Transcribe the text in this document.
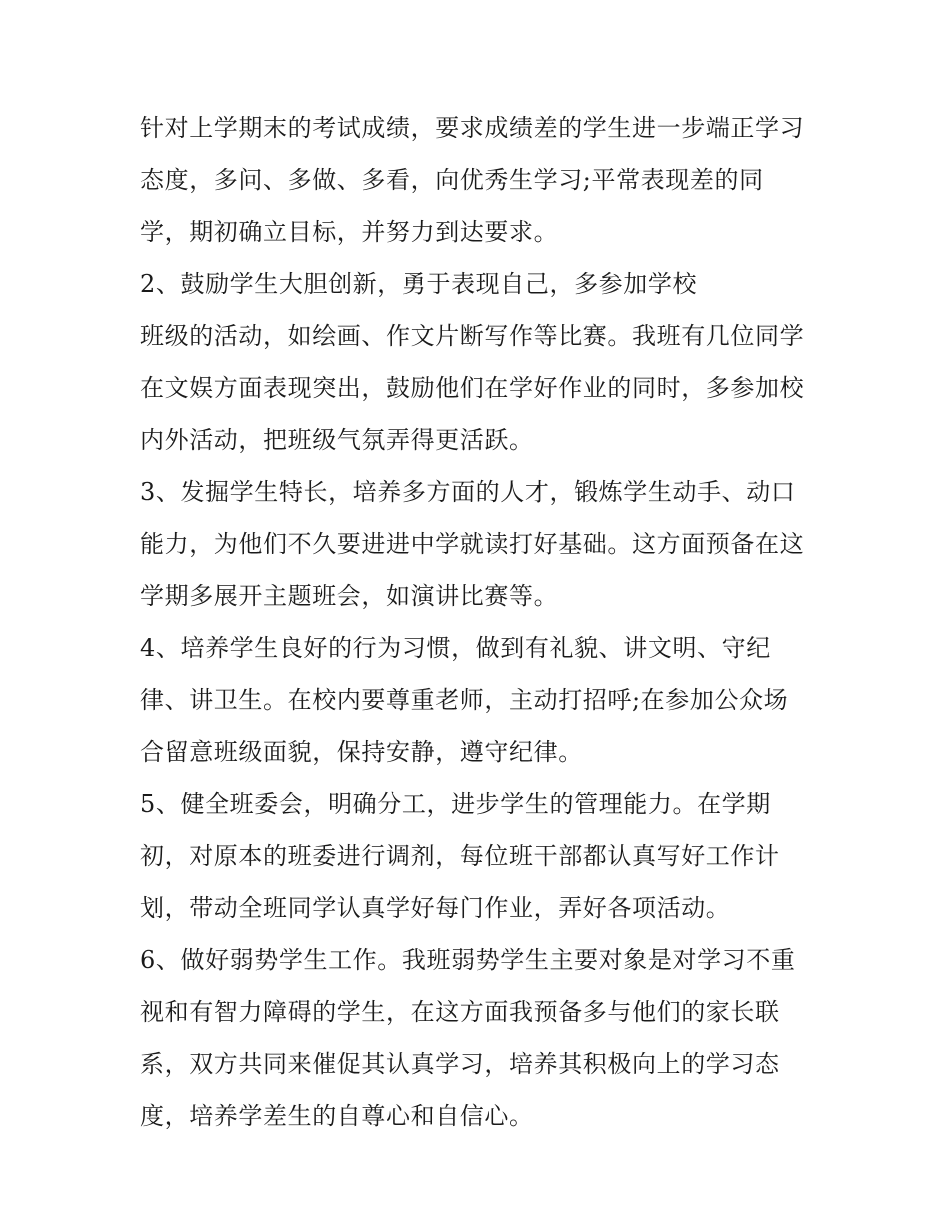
针对上学期末的考试成绩，要求成绩差的学生进一步端正学习
态度，多问、多做、多看，向优秀生学习;平常表现差的同
学，期初确立目标，并努力到达要求。
2、鼓励学生大胆创新，勇于表现自己，多参加学校
班级的活动，如绘画、作文片断写作等比赛。我班有几位同学
在文娱方面表现突出，鼓励他们在学好作业的同时，多参加校
内外活动，把班级气氛弄得更活跃。
3、发掘学生特长，培养多方面的人才，锻炼学生动手、动口
能力，为他们不久要进进中学就读打好基础。这方面预备在这
学期多展开主题班会，如演讲比赛等。
4、培养学生良好的行为习惯，做到有礼貌、讲文明、守纪
律、讲卫生。在校内要尊重老师，主动打招呼;在参加公众场
合留意班级面貌，保持安静，遵守纪律。
5、健全班委会，明确分工，进步学生的管理能力。在学期
初，对原本的班委进行调剂，每位班干部都认真写好工作计
划，带动全班同学认真学好每门作业，弄好各项活动。
6、做好弱势学生工作。我班弱势学生主要对象是对学习不重
视和有智力障碍的学生，在这方面我预备多与他们的家长联
系，双方共同来催促其认真学习，培养其积极向上的学习态
度，培养学差生的自尊心和自信心。
